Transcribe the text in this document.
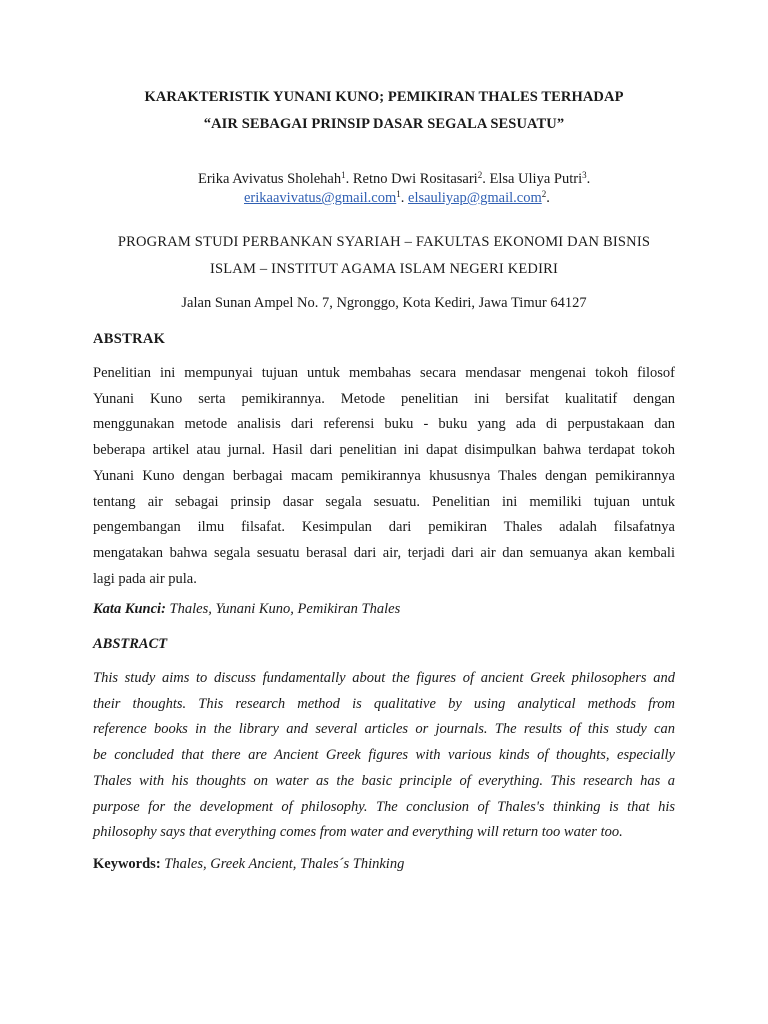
KARAKTERISTIK YUNANI KUNO; PEMIKIRAN THALES TERHADAP
“AIR SEBAGAI PRINSIP DASAR SEGALA SESUATU”
Erika Avivatus Sholehah$^1$. Retno Dwi Rositasari$^2$. Elsa Uliya Putri$^3$.
erikaavivatus@gmail.com$^1$. elsauliyap@gmail.com$^2$.
PROGRAM STUDI PERBANKAN SYARIAH – FAKULTAS EKONOMI DAN BISNIS
ISLAM – INSTITUT AGAMA ISLAM NEGERI KEDIRI
Jalan Sunan Ampel No. 7, Ngronggo, Kota Kediri, Jawa Timur 64127
ABSTRAK
Penelitian ini mempunyai tujuan untuk membahas secara mendasar mengenai tokoh filosof
Yunani Kuno serta pemikirannya. Metode penelitian ini bersifat kualitatif dengan
menggunakan metode analisis dari referensi buku - buku yang ada di perpustakaan dan
beberapa artikel atau jurnal. Hasil dari penelitian ini dapat disimpulkan bahwa terdapat tokoh
Yunani Kuno dengan berbagai macam pemikirannya khususnya Thales dengan pemikirannya
tentang air sebagai prinsip dasar segala sesuatu. Penelitian ini memiliki tujuan untuk
pengembangan ilmu filsafat. Kesimpulan dari pemikiran Thales adalah filsafatnya
mengatakan bahwa segala sesuatu berasal dari air, terjadi dari air dan semuanya akan kembali
lagi pada air pula.
Kata Kunci: Thales, Yunani Kuno, Pemikiran Thales
ABSTRACT
This study aims to discuss fundamentally about the figures of ancient Greek philosophers and
their thoughts. This research method is qualitative by using analytical methods from
reference books in the library and several articles or journals. The results of this study can
be concluded that there are Ancient Greek figures with various kinds of thoughts, especially
Thales with his thoughts on water as the basic principle of everything. This research has a
purpose for the development of philosophy. The conclusion of Thales's thinking is that his
philosophy says that everything comes from water and everything will return too water too.
Keywords: Thales, Greek Ancient, Thales´s Thinking
